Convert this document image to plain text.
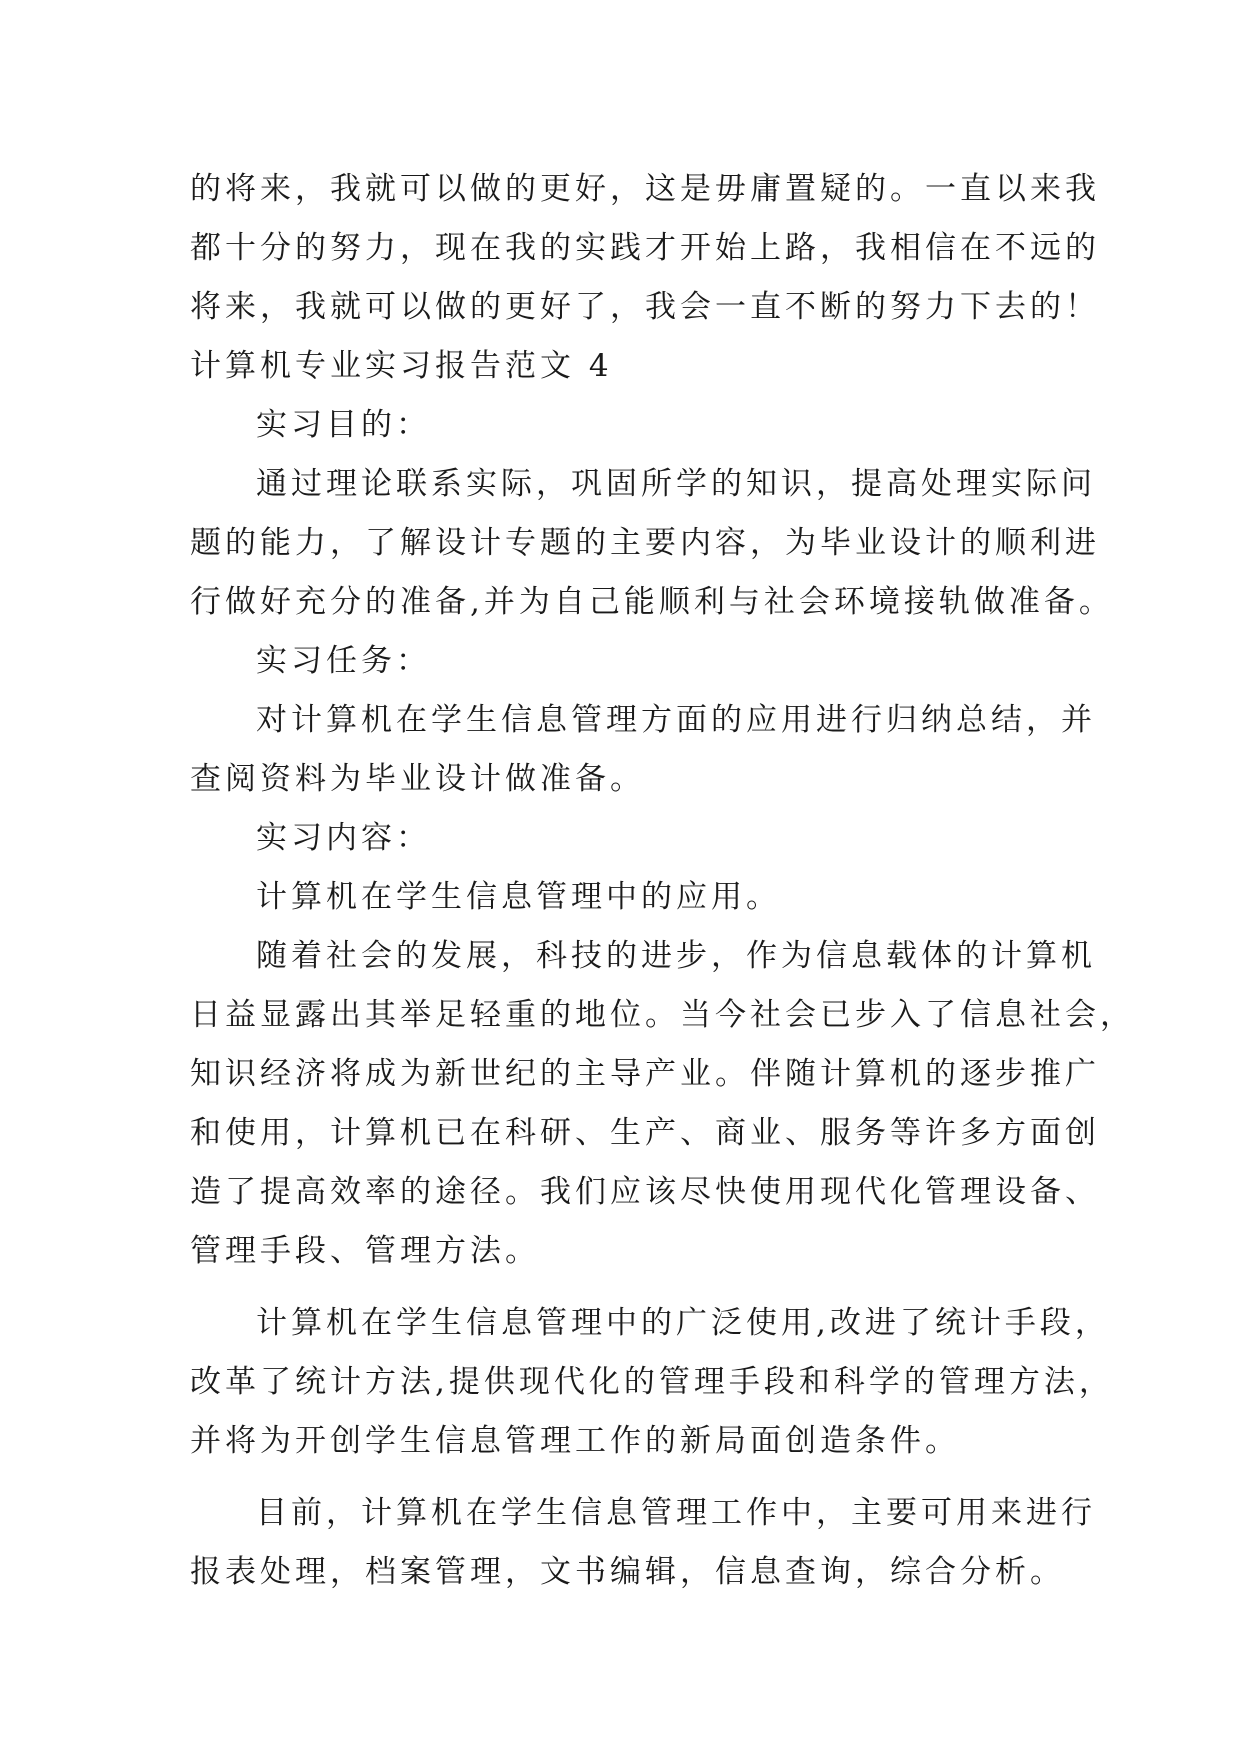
的将来，我就可以做的更好，这是毋庸置疑的。一直以来我
都十分的努力，现在我的实践才开始上路，我相信在不远的
将来，我就可以做的更好了，我会一直不断的努力下去的！
计算机专业实习报告范文 4
实习目的：
通过理论联系实际，巩固所学的知识，提高处理实际问
题的能力，了解设计专题的主要内容，为毕业设计的顺利进
行做好充分的准备,并为自己能顺利与社会环境接轨做准备。
实习任务：
对计算机在学生信息管理方面的应用进行归纳总结，并
查阅资料为毕业设计做准备。
实习内容：
计算机在学生信息管理中的应用。
随着社会的发展，科技的进步，作为信息载体的计算机
日益显露出其举足轻重的地位。当今社会已步入了信息社会，
知识经济将成为新世纪的主导产业。伴随计算机的逐步推广
和使用，计算机已在科研、生产、商业、服务等许多方面创
造了提高效率的途径。我们应该尽快使用现代化管理设备、
管理手段、管理方法。
计算机在学生信息管理中的广泛使用,改进了统计手段，
改革了统计方法,提供现代化的管理手段和科学的管理方法，
并将为开创学生信息管理工作的新局面创造条件。
目前，计算机在学生信息管理工作中，主要可用来进行
报表处理，档案管理，文书编辑，信息查询，综合分析。
